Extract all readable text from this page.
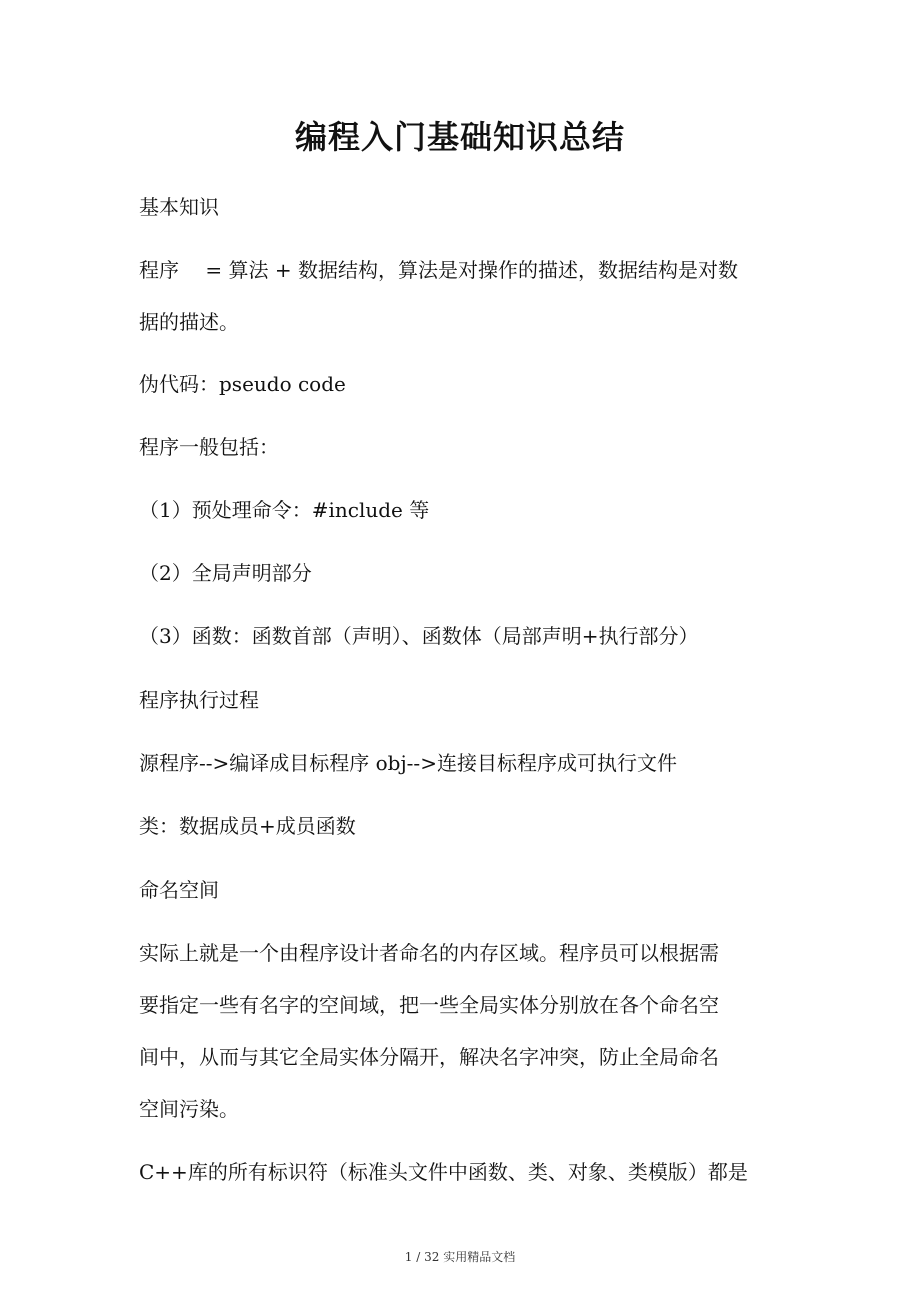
编程入门基础知识总结

基本知识

程序　 = 算法 + 数据结构，算法是对操作的描述，数据结构是对数

据的描述。

伪代码：pseudo code

程序一般包括：

（1）预处理命令：#include 等

（2）全局声明部分

（3）函数：函数首部（声明）、函数体（局部声明+执行部分）

程序执行过程

源程序-->编译成目标程序 obj-->连接目标程序成可执行文件

类：数据成员+成员函数

命名空间

实际上就是一个由程序设计者命名的内存区域。程序员可以根据需

要指定一些有名字的空间域，把一些全局实体分别放在各个命名空

间中，从而与其它全局实体分隔开，解决名字冲突，防止全局命名

空间污染。

C++库的所有标识符（标准头文件中函数、类、对象、类模版）都是

1 / 32 实用精品文档
